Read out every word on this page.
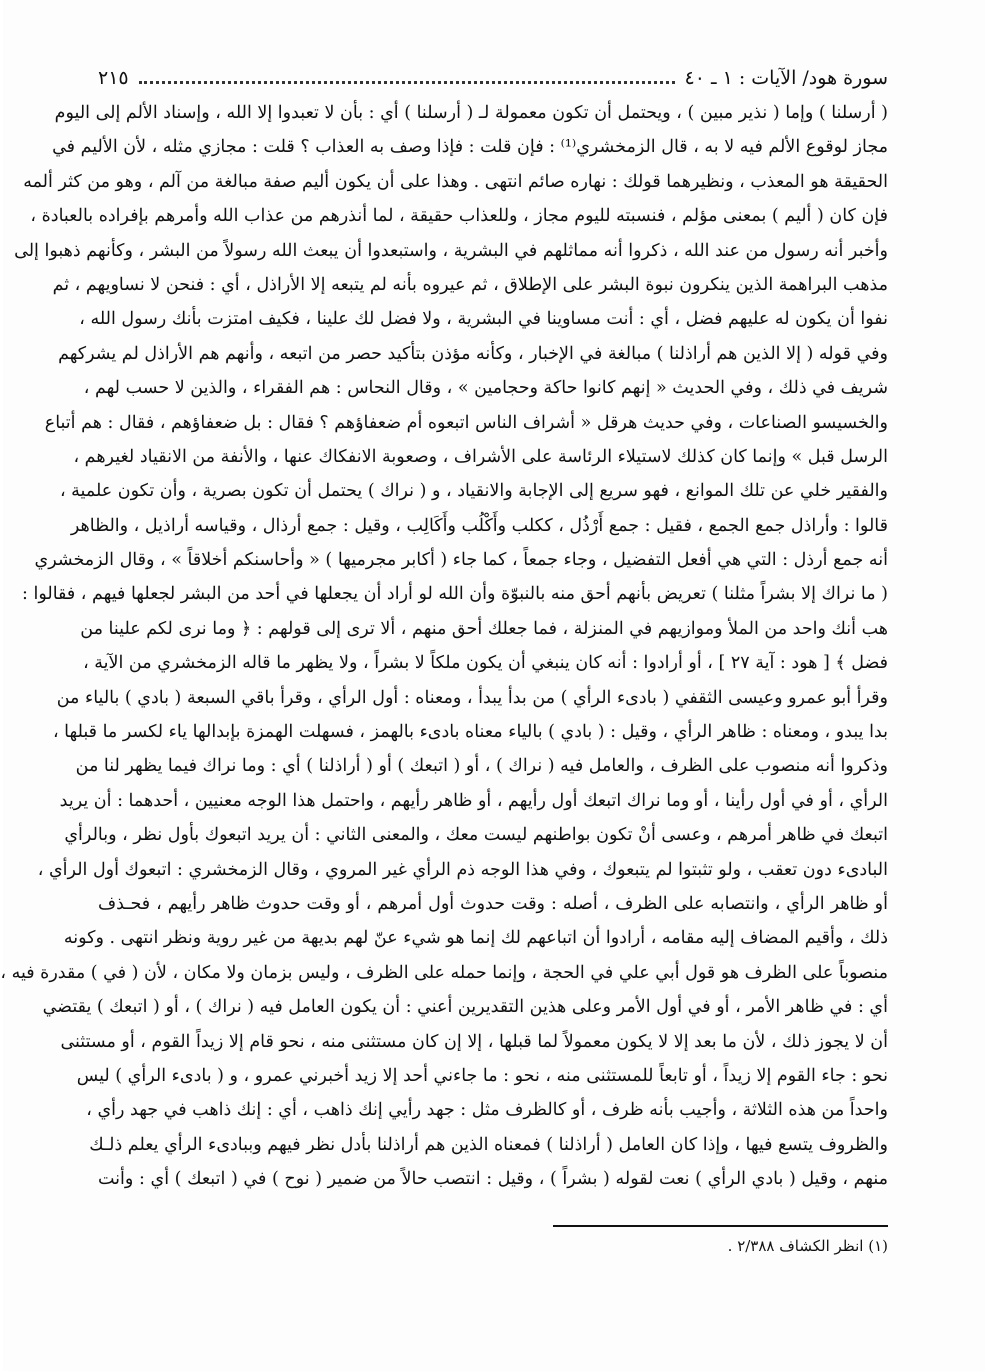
سورة هود/ الآيات : ١ ـ ٤٠
٢١٥
( أرسلنا ) وإما ( نذير مبين ) ، ويحتمل أن تكون معمولة لـ ( أرسلنا ) أي : بأن لا تعبدوا إلا الله ، وإسناد الألم إلى اليوم
مجاز لوقوع الألم فيه لا به ، قال الزمخشري⁽¹⁾ : فإن قلت : فإذا وصف به العذاب ؟ قلت : مجازي مثله ، لأن الأليم في
الحقيقة هو المعذب ، ونظيرهما قولك : نهاره صائم انتهى . وهذا على أن يكون أليم صفة مبالغة من آلم ، وهو من كثر ألمه
فإن كان ( أليم ) بمعنى مؤلم ، فنسبته لليوم مجاز ، وللعذاب حقيقة ، لما أنذرهم من عذاب الله وأمرهم بإفراده بالعبادة ،
وأخبر أنه رسول من عند الله ، ذكروا أنه مماثلهم في البشرية ، واستبعدوا أن يبعث الله رسولاً من البشر ، وكأنهم ذهبوا إلى
مذهب البراهمة الذين ينكرون نبوة البشر على الإطلاق ، ثم عيروه بأنه لم يتبعه إلا الأراذل ، أي : فنحن لا نساويهم ، ثم
نفوا أن يكون له عليهم فضل ، أي : أنت مساوينا في البشرية ، ولا فضل لك علينا ، فكيف امتزت بأنك رسول الله ،
وفي قوله ( إلا الذين هم أراذلنا ) مبالغة في الإخبار ، وكأنه مؤذن بتأكيد حصر من اتبعه ، وأنهم هم الأراذل لم يشركهم
شريف في ذلك ، وفي الحديث « إنهم كانوا حاكة وحجامين » ، وقال النحاس : هم الفقراء ، والذين لا حسب لهم ،
والخسيسو الصناعات ، وفي حديث هرقل « أشراف الناس اتبعوه أم ضعفاؤهم ؟ فقال : بل ضعفاؤهم ، فقال : هم أتباع
الرسل قبل » وإنما كان كذلك لاستيلاء الرئاسة على الأشراف ، وصعوبة الانفكاك عنها ، والأنفة من الانقياد لغيرهم ،
والفقير خلي عن تلك الموانع ، فهو سريع إلى الإجابة والانقياد ، و ( نراك ) يحتمل أن تكون بصرية ، وأن تكون علمية ،
قالوا : وأراذل جمع الجمع ، فقيل : جمع أَرْذُل ، ككلب وأَكْلُب وأَكَالِب ، وقيل : جمع أرذال ، وقياسه أراذيل ، والظاهر
أنه جمع أرذل : التي هي أفعل التفضيل ، وجاء جمعاً ، كما جاء ( أكابر مجرميها ) « وأحاسنكم أخلاقاً » ، وقال الزمخشري
( ما نراك إلا بشراً مثلنا ) تعريض بأنهم أحق منه بالنبوّة وأن الله لو أراد أن يجعلها في أحد من البشر لجعلها فيهم ، فقالوا :
هب أنك واحد من الملأ وموازيهم في المنزلة ، فما جعلك أحق منهم ، ألا ترى إلى قولهم : ﴿ وما نرى لكم علينا من
فضل ﴾ [ هود : آية ٢٧ ] ، أو أرادوا : أنه كان ينبغي أن يكون ملكاً لا بشراً ، ولا يظهر ما قاله الزمخشري من الآية ،
وقرأ أبو عمرو وعيسى الثقفي ( بادىء الرأي ) من بدأ يبدأ ، ومعناه : أول الرأي ، وقرأ باقي السبعة ( بادي ) بالياء من
بدا يبدو ، ومعناه : ظاهر الرأي ، وقيل : ( بادي ) بالياء معناه بادىء بالهمز ، فسهلت الهمزة بإبدالها ياء لكسر ما قبلها ،
وذكروا أنه منصوب على الظرف ، والعامل فيه ( نراك ) ، أو ( اتبعك ) أو ( أراذلنا ) أي : وما نراك فيما يظهر لنا من
الرأي ، أو في أول رأينا ، أو وما نراك اتبعك أول رأيهم ، أو ظاهر رأيهم ، واحتمل هذا الوجه معنيين ، أحدهما : أن يريد
اتبعك في ظاهر أمرهم ، وعسى أنْ تكون بواطنهم ليست معك ، والمعنى الثاني : أن يريد اتبعوك بأول نظر ، وبالرأي
البادىء دون تعقب ، ولو تثبتوا لم يتبعوك ، وفي هذا الوجه ذم الرأي غير المروي ، وقال الزمخشري : اتبعوك أول الرأي ،
أو ظاهر الرأي ، وانتصابه على الظرف ، أصله : وقت حدوث أول أمرهم ، أو وقت حدوث ظاهر رأيهم ، فحـذف
ذلك ، وأقيم المضاف إليه مقامه ، أرادوا أن اتباعهم لك إنما هو شيء عنّ لهم بديهة من غير روية ونظر انتهى . وكونه
منصوباً على الظرف هو قول أبي علي في الحجة ، وإنما حمله على الظرف ، وليس بزمان ولا مكان ، لأن ( في ) مقدرة فيه ،
أي : في ظاهر الأمر ، أو في أول الأمر وعلى هذين التقديرين أعني : أن يكون العامل فيه ( نراك ) ، أو ( اتبعك ) يقتضي
أن لا يجوز ذلك ، لأن ما بعد إلا لا يكون معمولاً لما قبلها ، إلا إن كان مستثنى منه ، نحو قام إلا زيداً القوم ، أو مستثنى
نحو : جاء القوم إلا زيداً ، أو تابعاً للمستثنى منه ، نحو : ما جاءني أحد إلا زيد أخبرني عمرو ، و ( بادىء الرأي ) ليس
واحداً من هذه الثلاثة ، وأجيب بأنه ظرف ، أو كالظرف مثل : جهد رأيي إنك ذاهب ، أي : إنك ذاهب في جهد رأي ،
والظروف يتسع فيها ، وإذا كان العامل ( أراذلنا ) فمعناه الذين هم أراذلنا بأدل نظر فيهم وببادىء الرأي يعلم ذلـك
منهم ، وقيل ( بادي الرأي ) نعت لقوله ( بشراً ) ، وقيل : انتصب حالاً من ضمير ( نوح ) في ( اتبعك ) أي : وأنت
(١) انظر الكشاف ٢/٣٨٨ .
